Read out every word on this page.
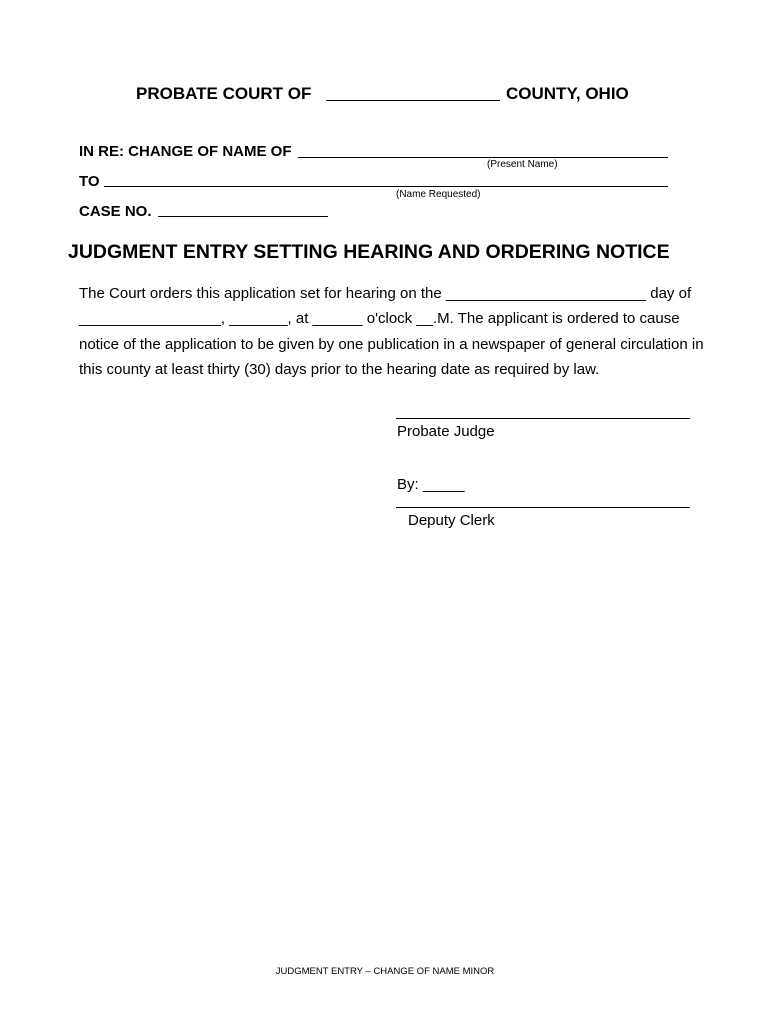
PROBATE COURT OF	COUNTY, OHIO
IN RE: CHANGE OF NAME OF
(Present Name)
TO
(Name Requested)
CASE NO.
JUDGMENT ENTRY SETTING HEARING AND ORDERING NOTICE
The Court orders this application set for hearing on the ________________________ day of
_________________, _______, at ______ o'clock __.M. The applicant is ordered to cause
notice of the application to be given by one publication in a newspaper of general circulation in
this county at least thirty (30) days prior to the hearing date as required by law.
Probate Judge
By: _____
Deputy Clerk
JUDGMENT ENTRY – CHANGE OF NAME MINOR
